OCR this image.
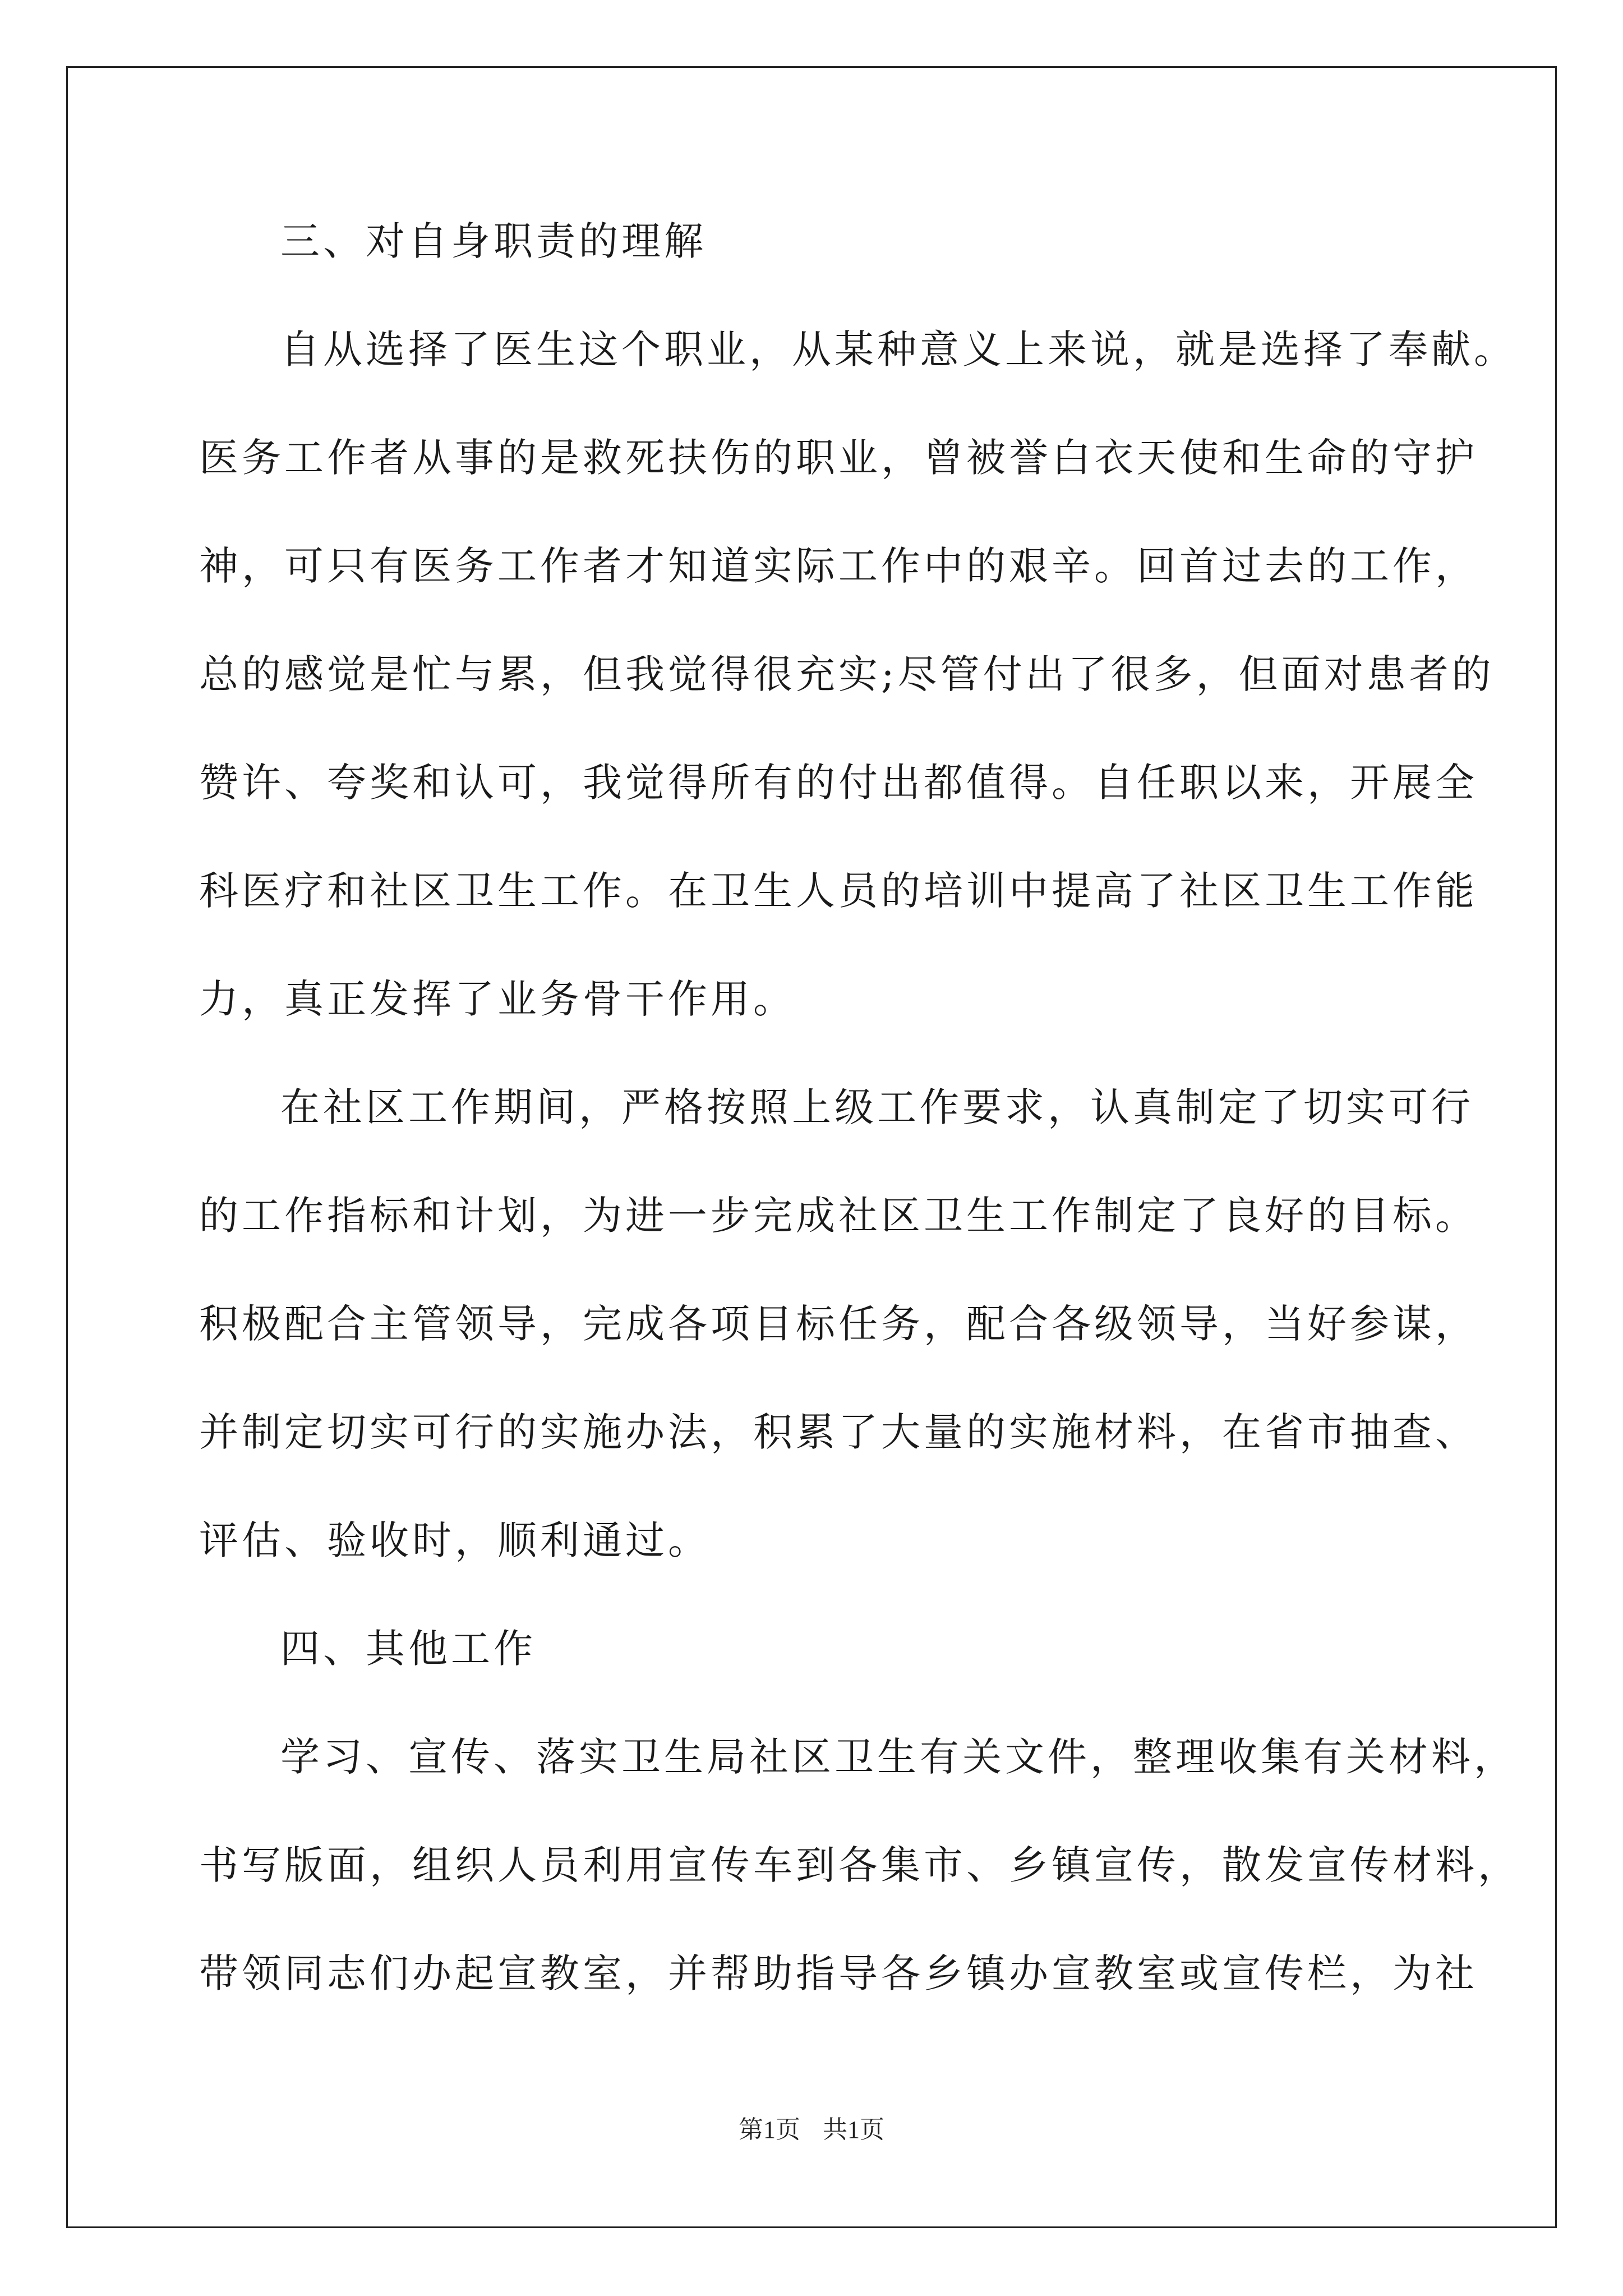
三、对自身职责的理解
自从选择了医生这个职业，从某种意义上来说，就是选择了奉献。
医务工作者从事的是救死扶伤的职业，曾被誉白衣天使和生命的守护
神，可只有医务工作者才知道实际工作中的艰辛。回首过去的工作，
总的感觉是忙与累，但我觉得很充实;尽管付出了很多，但面对患者的
赞许、夸奖和认可，我觉得所有的付出都值得。自任职以来，开展全
科医疗和社区卫生工作。在卫生人员的培训中提高了社区卫生工作能
力，真正发挥了业务骨干作用。
在社区工作期间，严格按照上级工作要求，认真制定了切实可行
的工作指标和计划，为进一步完成社区卫生工作制定了良好的目标。
积极配合主管领导，完成各项目标任务，配合各级领导，当好参谋，
并制定切实可行的实施办法，积累了大量的实施材料，在省市抽查、
评估、验收时，顺利通过。
四、其他工作
学习、宣传、落实卫生局社区卫生有关文件，整理收集有关材料，
书写版面，组织人员利用宣传车到各集市、乡镇宣传，散发宣传材料，
带领同志们办起宣教室，并帮助指导各乡镇办宣教室或宣传栏，为社
第1页 共1页
